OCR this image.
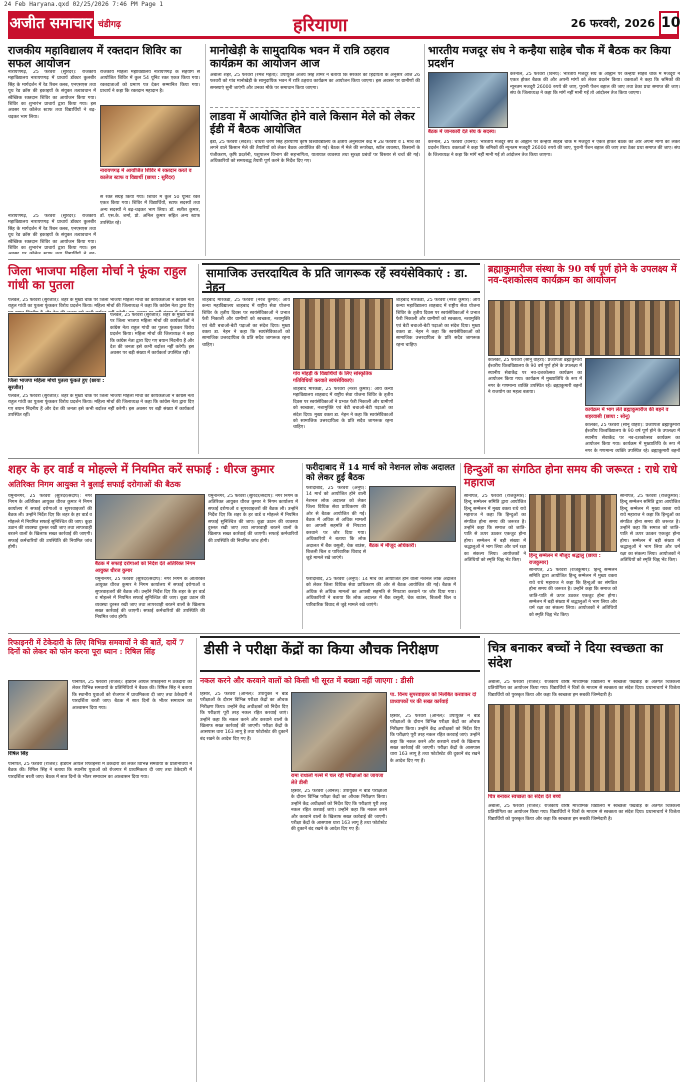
24 Feb Haryana.qxd 02/25/2026 7:46 PM Page 1
अजीत समाचार चंडीगढ़	हरियाणा	26 फरवरी, 2026 10
राजकीय महाविद्यालय में रक्तदान शिविर का सफल आयोजन
नारायणगढ़, 25 फरवरी (सुरिंदर): राजकीय महाविद्यालय नारायणगढ़ में प्राचार्य डॉक्टर कुलबीर सिंह के मार्गदर्शन में रेड रिबन क्लब, एनएसएस तथा यूथ रेड क्रॉस की इकाइयों के संयुक्त तत्वावधान में स्वैच्छिक रक्तदान शिविर का आयोजन किया गया। शिविर का शुभारंभ प्राचार्य द्वारा किया गया। इस अवसर पर कॉलेज स्टाफ तथा विद्यार्थियों ने बढ़-चढ़कर भाग लिया।
राजकीय महिला महाविद्यालय नारायणगढ़ के सहयोग से आयोजित शिविर में कुल 54 यूनिट रक्त एकत्र किया गया। रक्तदाताओं को प्रमाण पत्र देकर सम्मानित किया गया। प्राचार्य ने कहा कि रक्तदान महादान है।
नारायणगढ़ में आयोजित शिविर में रक्तदान करते व कालेज स्टाफ व विद्यार्थी (छाया : सुरिंदर)
से रक्त संग्रह किया गया। शिविर में कुल 50 यूनिट रक्त एकत्र किया गया। शिविर में विद्यार्थियों, स्टाफ सदस्यों तथा अन्य सदस्यों ने बढ़-चढ़कर भाग लिया। डॉ. सतीश कुमार, डॉ. एस.के. शर्मा, प्रो. अनिल कुमार सहित अन्य स्टाफ उपस्थित रहे।
नारायणगढ़, 25 फरवरी (सुरिंदर): राजकीय महाविद्यालय नारायणगढ़ में प्राचार्य डॉक्टर कुलबीर सिंह के मार्गदर्शन में रेड रिबन क्लब, एनएसएस तथा यूथ रेड क्रॉस की इकाइयों के संयुक्त तत्वावधान में स्वैच्छिक रक्तदान शिविर का आयोजन किया गया। शिविर का शुभारंभ प्राचार्य द्वारा किया गया। इस
मानोखेड़ी के सामुदायिक भवन में रात्रि ठहराव कार्यक्रम का आयोजन आज
अंबाला शहर, 25 फरवरी (रमेश मेहता): उपायुक्त अजय सिंह तोमर ने बताया कि सरकार की हिदायतों के अनुसार आज 26 फरवरी को गांव मानोखेड़ी के सामुदायिक भवन में रात्रि ठहराव कार्यक्रम का आयोजन किया जाएगा। इस अवसर पर ग्रामीणों की समस्याएं सुनी जाएंगी और उनका मौके पर समाधान किया जाएगा।
लाडवा में आयोजित होने वाले किसान मेले को लेकर ईडी में बैठक आयोजित
ईडी, 25 फरवरी (संदेश): चौधरी चरण सिंह हरियाणा कृषि विश्वविद्यालय के क्षेत्रीय अनुसंधान केंद्र में 28 फरवरी व 1 मार्च को लगने वाले किसान मेले की तैयारियों को लेकर बैठक आयोजित की गई। बैठक में मेले की रूपरेखा, स्टॉल व्यवस्था, किसानों के पंजीकरण, कृषि प्रदर्शनी, पशुपालन विभाग की सहभागिता, यातायात व्यवस्था तथा सुरक्षा प्रबंधों पर विस्तार से चर्चा की गई। अधिकारियों को समयबद्ध तैयारी पूर्ण करने के निर्देश दिए गए।
भारतीय मजदूर संघ ने कन्हैया साहेब चौक में बैठक कर किया प्रदर्शन
बैठक में जानकारी देते संघ के सदस्य।
करनाल, 25 फरवरी (विनय): भारतीय मजदूर संघ के आह्वान पर कन्हैया साहेब चौक में मजदूरों ने एकत्र होकर बैठक की और अपनी मांगों को लेकर प्रदर्शन किया। वक्ताओं ने कहा कि श्रमिकों की न्यूनतम मजदूरी 26000 रुपये की जाए, पुरानी पेंशन बहाल की जाए तथा ठेका प्रथा समाप्त की जाए। संघ के जिलाध्यक्ष ने कहा कि मांगें नहीं मानी गईं तो आंदोलन तेज किया जाएगा।
करनाल, 25 फरवरी (विनय): भारतीय मजदूर संघ के आह्वान पर कन्हैया साहेब चौक में मजदूरों ने एकत्र होकर बैठक की और अपनी मांगों को लेकर प्रदर्शन किया। वक्ताओं ने कहा कि श्रमिकों की न्यूनतम मजदूरी 26000 रुपये की जाए, पुरानी पेंशन बहाल की जाए तथा ठेका प्रथा समाप्त की जाए। संघ के जिलाध्यक्ष ने कहा कि मांगें नहीं मानी गईं तो आंदोलन तेज किया जाएगा।
जिला भाजपा महिला मोर्चा ने फूंका राहुल गांधी का पुतला
पलवल, 25 फरवरी (सुरजीत): शहर के मुख्य चौक पर जिला भाजपा महिला मोर्चा की कार्यकर्ताओं ने कांग्रेस नेता राहुल गांधी का पुतला फूंककर विरोध प्रदर्शन किया। महिला मोर्चा की जिलाध्यक्ष ने कहा कि कांग्रेस नेता द्वारा दिए
जिला भाजपा महिला मोर्चा पुतला फूंकते हुए (छाया : सुरजीत)
पलवल, 25 फरवरी (सुरजीत): शहर के मुख्य चौक पर जिला भाजपा महिला मोर्चा की कार्यकर्ताओं ने कांग्रेस नेता राहुल गांधी का पुतला फूंककर विरोध प्रदर्शन किया। महिला मोर्चा की जिलाध्यक्ष ने कहा कि कांग्रेस नेता द्वारा दिए गए बयान निंदनीय हैं और देश की जनता इसे कभी बर्दाश्त नहीं करेगी। इस अवसर पर बड़ी संख्या में कार्यकर्ता उपस्थित रहीं।
पलवल, 25 फरवरी (सुरजीत): शहर के मुख्य चौक पर जिला भाजपा महिला मोर्चा की कार्यकर्ताओं ने कांग्रेस नेता राहुल गांधी का पुतला फूंककर विरोध प्रदर्शन किया। महिला मोर्चा की जिलाध्यक्ष ने कहा कि कांग्रेस नेता द्वारा दिए गए बयान निंदनीय हैं और देश की जनता इसे कभी बर्दाश्त नहीं करेगी। इस अवसर पर बड़ी संख्या में कार्यकर्ता उपस्थित रहीं।
सामाजिक उत्तरदायित्व के प्रति जागरूक रहें स्वयंसेविकाएं : डा. नेहन
शाहबाद मारकंडा, 25 फरवरी (नरेश कुमार): आर्य कन्या महाविद्यालय शाहबाद में राष्ट्रीय सेवा योजना शिविर के तृतीय दिवस पर स्वयंसेविकाओं ने प्रभात फेरी निकाली और ग्रामीणों को स्वच्छता, नशामुक्ति एवं बेटी बचाओ-बेटी पढ़ाओ का संदेश दिया। मुख्य वक्ता डा. नेहन ने कहा कि स्वयंसेविकाओं को सामाजिक उत्तरदायित्व के प्रति सदैव जागरूक रहना चाहिए।
गांव मोहड़ी के विद्यार्थियों के लिए सांस्कृतिक गतिविधियों करवाते स्वयंसेविकाएं।
शाहबाद मारकंडा, 25 फरवरी (नरेश कुमार): आर्य कन्या महाविद्यालय शाहबाद में राष्ट्रीय सेवा योजना शिविर के तृतीय दिवस पर स्वयंसेविकाओं ने प्रभात फेरी निकाली और ग्रामीणों को स्वच्छता, नशामुक्ति एवं बेटी बचाओ-बेटी पढ़ाओ का संदेश दिया। मुख्य वक्ता डा. नेहन ने कहा कि स्वयंसेविकाओं को सामाजिक उत्तरदायित्व के प्रति सदैव जागरूक रहना चाहिए।
शाहबाद मारकंडा, 25 फरवरी (नरेश कुमार): आर्य कन्या महाविद्यालय शाहबाद में राष्ट्रीय सेवा योजना शिविर के तृतीय दिवस पर स्वयंसेविकाओं ने प्रभात फेरी निकाली और ग्रामीणों को स्वच्छता, नशामुक्ति एवं बेटी बचाओ-बेटी पढ़ाओ का संदेश दिया। मुख्य वक्ता डा. नेहन ने कहा कि स्वयंसेविकाओं को सामाजिक उत्तरदायित्व के प्रति सदैव जागरूक रहना चाहिए।
ब्रह्माकुमारीज संस्था के 90 वर्ष पूर्ण होने के उपलक्ष्य में नव-दशकोत्सव कार्यक्रम का आयोजन
कालका, 25 फरवरी (सोनू वोहरा): प्रजापिता ब्रह्माकुमारी ईश्वरीय विश्वविद्यालय के 90 वर्ष पूर्ण होने के उपलक्ष्य में स्थानीय सेवाकेंद्र पर नव-दशकोत्सव कार्यक्रम का आयोजन किया गया। कार्यक्रम में मुख्यातिथि के रूप में नगर के गणमान्य व्यक्ति उपस्थित रहे। ब्रह्माकुमारी बहनों ने राजयोग का महत्व बताया।
कार्यक्रम में भाग लेते ब्रह्माकुमारीज की बहनें व शहरवासी (छाया : सोनू)
कालका, 25 फरवरी (सोनू वोहरा): प्रजापिता ब्रह्माकुमारी ईश्वरीय विश्वविद्यालय के 90 वर्ष पूर्ण होने के उपलक्ष्य में स्थानीय सेवाकेंद्र पर नव-दशकोत्सव कार्यक्रम का आयोजन किया गया। कार्यक्रम में मुख्यातिथि के रूप में नगर के गणमान्य व्यक्ति उपस्थित रहे। ब्रह्माकुमारी बहनों
शहर के हर वार्ड व मोहल्ले में नियमित करें सफाई : धीरज कुमार
अतिरिक्त निगम आयुक्त ने बुलाई सफाई दरोगाओं की बैठक
यमुनानगर, 25 फरवरी (सुरिंदर/संदीप): नगर निगम के अतिरिक्त आयुक्त धीरज कुमार ने निगम कार्यालय में सफाई दरोगाओं व सुपरवाइजरों की बैठक ली। उन्होंने निर्देश दिए कि शहर के हर वार्ड व मोहल्ले में नियमित सफाई सुनिश्चित की जाए। कूड़ा उठान की व्यवस्था दुरुस्त रखी जाए तथा लापरवाही बरतने वालों के खिलाफ सख्त कार्रवाई की जाएगी। सफाई कर्मचारियों की उपस्थिति की नियमित जांच होगी।
बैठक में सफाई दरोगाओं को निर्देश देते अतिरिक्त निगम आयुक्त धीरज कुमार
यमुनानगर, 25 फरवरी (सुरिंदर/संदीप): नगर निगम के अतिरिक्त आयुक्त धीरज कुमार ने निगम कार्यालय में सफाई दरोगाओं व सुपरवाइजरों की बैठक ली। उन्होंने निर्देश दिए कि शहर के हर वार्ड व मोहल्ले में नियमित सफाई सुनिश्चित की जाए। कूड़ा उठान की व्यवस्था दुरुस्त रखी जाए तथा लापरवाही बरतने वालों के खिलाफ सख्त कार्रवाई की जाएगी। सफाई कर्मचारियों की उपस्थिति की नियमित जांच होगी।
यमुनानगर, 25 फरवरी (सुरिंदर/संदीप): नगर निगम के अतिरिक्त आयुक्त धीरज कुमार ने निगम कार्यालय में सफाई दरोगाओं व सुपरवाइजरों की बैठक ली। उन्होंने निर्देश दिए कि शहर के हर वार्ड व मोहल्ले में नियमित सफाई सुनिश्चित की जाए। कूड़ा उठान की व्यवस्था दुरुस्त रखी जाए तथा लापरवाही बरतने वालों के खिलाफ सख्त कार्रवाई की जाएगी। सफाई कर्मचारियों की उपस्थिति की नियमित जांच होगी।
फरीदाबाद में 14 मार्च को नेशनल लोक अदालत को लेकर हुई बैठक
फरीदाबाद, 25 फरवरी (अनूप): 14 मार्च को आयोजित होने वाली नेशनल लोक अदालत को लेकर जिला विधिक सेवा प्राधिकरण की ओर से बैठक आयोजित की गई। बैठक में अधिक से अधिक मामलों का आपसी सहमति से निपटारा करवाने पर जोर दिया गया। अधिकारियों ने बताया कि लोक अदालत में बैंक वसूली, चेक बाउंस, बिजली बिल व पारिवारिक विवाद से जुड़े मामले रखे जाएंगे।
बैठक में मौजूद अधिकारी।
फरीदाबाद, 25 फरवरी (अनूप): 14 मार्च को आयोजित होने वाली नेशनल लोक अदालत को लेकर जिला विधिक सेवा प्राधिकरण की ओर से बैठक आयोजित की गई। बैठक में अधिक से अधिक मामलों का आपसी सहमति से निपटारा करवाने पर जोर दिया गया। अधिकारियों ने बताया कि लोक अदालत में बैंक वसूली, चेक बाउंस, बिजली बिल व पारिवारिक विवाद से जुड़े मामले रखे जाएंगे।
हिन्दुओं का संगठित होना समय की जरूरत : राधे राधे महाराज
सोनीपत, 25 फरवरी (राजकुमार): हिन्दू सम्मेलन समिति द्वारा आयोजित हिन्दू सम्मेलन में मुख्य वक्ता राधे राधे महाराज ने कहा कि हिन्दुओं का संगठित होना समय की जरूरत है। उन्होंने कहा कि समाज को जाति-पाति से ऊपर उठकर एकजुट होना होगा। सम्मेलन में बड़ी संख्या में श्रद्धालुओं ने भाग लिया और धर्म रक्षा का संकल्प लिया। आयोजकों ने अतिथियों को स्मृति चिह्न भेंट किए।
हिन्दू सम्मेलन में मौजूद श्रद्धालु (छाया : राजकुमार)
सोनीपत, 25 फरवरी (राजकुमार): हिन्दू सम्मेलन समिति द्वारा आयोजित हिन्दू सम्मेलन में मुख्य वक्ता राधे राधे महाराज ने कहा कि हिन्दुओं का संगठित होना समय की जरूरत है। उन्होंने कहा कि समाज को जाति-पाति से ऊपर उठकर एकजुट होना होगा। सम्मेलन में बड़ी संख्या में श्रद्धालुओं ने भाग लिया और धर्म रक्षा का संकल्प लिया। आयोजकों ने अतिथियों को स्मृति चिह्न भेंट किए।
सोनीपत, 25 फरवरी (राजकुमार): हिन्दू सम्मेलन समिति द्वारा आयोजित हिन्दू सम्मेलन में मुख्य वक्ता राधे राधे महाराज ने कहा कि हिन्दुओं का संगठित होना समय की जरूरत है। उन्होंने कहा कि समाज को जाति-पाति से ऊपर उठकर एकजुट होना होगा। सम्मेलन में बड़ी संख्या में श्रद्धालुओं ने भाग लिया और धर्म रक्षा का संकल्प लिया। आयोजकों ने अतिथियों को स्मृति चिह्न भेंट किए।
रिफाइनरी में टेकेदारी के लिए विभिन्न समवायों ने की बातें, दायें 7 दिनों को लेकर को फोन करना पूरा ध्यान : रिषिल सिंह
रिषिल सिंह
पानीपत, 25 फरवरी (राजेश): इंडियन ऑयल रिफाइनरी में ठेकेदारी को लेकर विभिन्न समवायों के प्रतिनिधियों ने बैठक की। रिषिल सिंह ने बताया कि स्थानीय युवाओं को रोजगार में प्राथमिकता दी जाए तथा ठेकेदारी में पारदर्शिता बरती जाए। बैठक में सात दिनों के भीतर समाधान का आश्वासन दिया गया।
पानीपत, 25 फरवरी (राजेश): इंडियन ऑयल रिफाइनरी में ठेकेदारी को लेकर विभिन्न समवायों के प्रतिनिधियों ने बैठक की। रिषिल सिंह ने बताया कि स्थानीय युवाओं को रोजगार में प्राथमिकता दी जाए तथा ठेकेदारी में पारदर्शिता बरती जाए। बैठक में सात दिनों के भीतर समाधान का आश्वासन दिया गया।
डीसी ने परीक्षा केंद्रों का किया औचक निरीक्षण
नकल करने और करवाने वालों को किसी भी सूरत में बख्शा नहीं जाएगा : डीसी
हिसार, 25 फरवरी (अनिल): उपायुक्त ने बोर्ड परीक्षाओं के दौरान विभिन्न परीक्षा केंद्रों का औचक निरीक्षण किया। उन्होंने केंद्र अधीक्षकों को निर्देश दिए कि परीक्षाएं पूरी तरह नकल रहित करवाई जाएं। उन्होंने कहा कि नकल करने और करवाने वालों के खिलाफ सख्त कार्रवाई की जाएगी। परीक्षा केंद्रों के आसपास धारा 163 लागू है तथा फोटोस्टेट की दुकानें बंद रखने के आदेश दिए गए हैं।
रामा राधालो गर्ल्स में चल रही परीक्षाओं का जायजा लेते डीसी
पा. विनय सुपरवाइजर को निलंबित करवाकर दो प्राध्यापकों पर की सख्त कार्रवाई
हिसार, 25 फरवरी (अनिल): उपायुक्त ने बोर्ड परीक्षाओं के दौरान विभिन्न परीक्षा केंद्रों का औचक निरीक्षण किया। उन्होंने केंद्र अधीक्षकों को निर्देश दिए कि परीक्षाएं पूरी तरह नकल रहित करवाई जाएं। उन्होंने कहा कि नकल करने और करवाने वालों के खिलाफ सख्त कार्रवाई की जाएगी। परीक्षा केंद्रों के आसपास धारा 163 लागू है तथा फोटोस्टेट की दुकानें बंद रखने के आदेश दिए गए हैं।
हिसार, 25 फरवरी (अनिल): उपायुक्त ने बोर्ड परीक्षाओं के दौरान विभिन्न परीक्षा केंद्रों का औचक निरीक्षण किया। उन्होंने केंद्र अधीक्षकों को निर्देश दिए कि परीक्षाएं पूरी तरह नकल रहित करवाई जाएं। उन्होंने कहा कि नकल करने और करवाने वालों के खिलाफ सख्त कार्रवाई की जाएगी। परीक्षा केंद्रों के आसपास धारा 163 लागू है तथा फोटोस्टेट की दुकानें बंद रखने के आदेश दिए गए हैं।
चित्र बनाकर बच्चों ने दिया स्वच्छता का संदेश
अंबाला, 25 फरवरी (राजेश): राजकीय वरिष्ठ माध्यमिक विद्यालय में स्वच्छता पखवाड़े के अंतर्गत चित्रकला प्रतियोगिता का आयोजन किया गया। विद्यार्थियों ने चित्रों के माध्यम से स्वच्छता का संदेश दिया। प्रधानाचार्य ने विजेता विद्यार्थियों को पुरस्कृत किया और कहा कि स्वच्छता हम सबकी जिम्मेदारी है।
चित्र बनाकर स्वच्छता का संदेश देते बच्चे
अंबाला, 25 फरवरी (राजेश): राजकीय वरिष्ठ माध्यमिक विद्यालय में स्वच्छता पखवाड़े के अंतर्गत चित्रकला प्रतियोगिता का आयोजन किया गया। विद्यार्थियों ने चित्रों के माध्यम से स्वच्छता का संदेश दिया। प्रधानाचार्य ने विजेता विद्यार्थियों को पुरस्कृत किया और कहा कि स्वच्छता हम सबकी जिम्मेदारी है।
